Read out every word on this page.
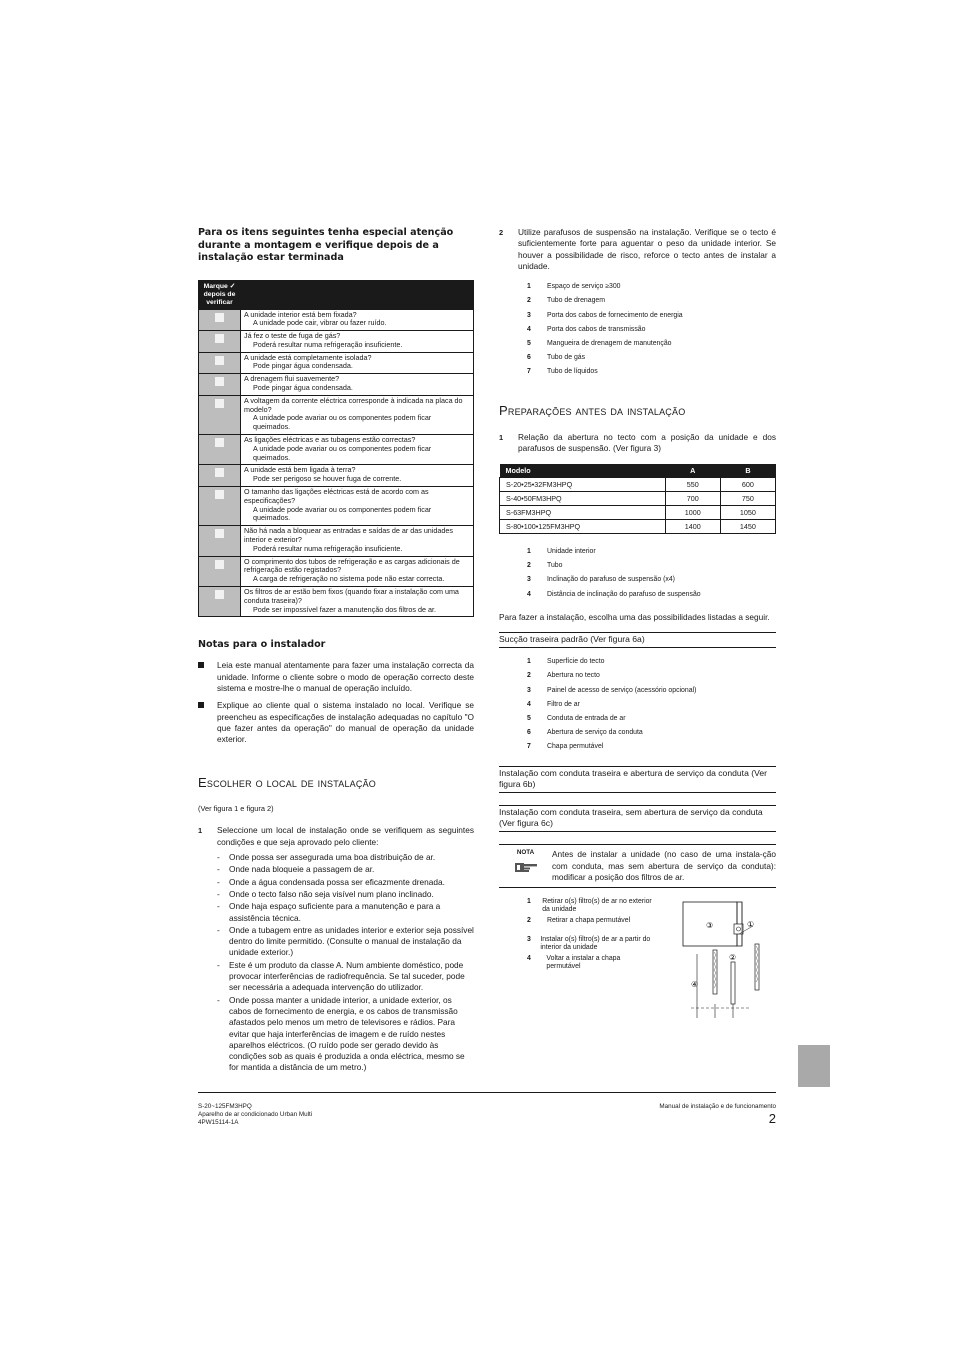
Para os itens seguintes tenha especial atenção durante a montagem e verifique depois de a instalação estar terminada

Marque ✓ depois de verificar	

	A unidade interior está bem fixada?
A unidade pode cair, vibrar ou fazer ruído.

	Já fez o teste de fuga de gás?
Poderá resultar numa refrigeração insuficiente.

	A unidade está completamente isolada?
Pode pingar água condensada.

	A drenagem flui suavemente?
Pode pingar água condensada.

	A voltagem da corrente eléctrica corresponde à indicada na placa do modelo?
A unidade pode avariar ou os componentes podem ficar queimados.

	As ligações eléctricas e as tubagens estão correctas?
A unidade pode avariar ou os componentes podem ficar queimados.

	A unidade está bem ligada à terra?
Pode ser perigoso se houver fuga de corrente.

	O tamanho das ligações eléctricas está de acordo com as especificações?
A unidade pode avariar ou os componentes podem ficar queimados.

	Não há nada a bloquear as entradas e saídas de ar das unidades interior e exterior?
Poderá resultar numa refrigeração insuficiente.

	O comprimento dos tubos de refrigeração e as cargas adicionais de refrigeração estão registados?
A carga de refrigeração no sistema pode não estar correcta.

	Os filtros de ar estão bem fixos (quando fixar a instalação com uma conduta traseira)?
Pode ser impossível fazer a manutenção dos filtros de ar.
Notas para o instalador
Leia este manual atentamente para fazer uma instalação correcta da unidade. Informe o cliente sobre o modo de operação correcto deste sistema e mostre-lhe o manual de operação incluído.
Explique ao cliente qual o sistema instalado no local. Verifique se preencheu as especificações de instalação adequadas no capítulo "O que fazer antes da operação" do manual de operação da unidade exterior.
Escolher o local de instalação

(Ver figura 1 e figura 2)

1 Seleccione um local de instalação onde se verifiquem as seguintes condições e que seja aprovado pelo cliente:
- Onde possa ser assegurada uma boa distribuição de ar.
- Onde nada bloqueie a passagem de ar.
- Onde a água condensada possa ser eficazmente drenada.
- Onde o tecto falso não seja visível num plano inclinado.
- Onde haja espaço suficiente para a manutenção e para a assistência técnica.
- Onde a tubagem entre as unidades interior e exterior seja possível dentro do limite permitido. (Consulte o manual de instalação da unidade exterior.)
- Este é um produto da classe A. Num ambiente doméstico, pode provocar interferências de radiofrequência. Se tal suceder, pode ser necessária a adequada intervenção do utilizador.
- Onde possa manter a unidade interior, a unidade exterior, os cabos de fornecimento de energia, e os cabos de transmissão afastados pelo menos um metro de televisores e rádios. Para evitar que haja interferências de imagem e de ruído nestes aparelhos eléctricos. (O ruído pode ser gerado devido às condições sob as quais é produzida a onda eléctrica, mesmo se for mantida a distância de um metro.)
2 Utilize parafusos de suspensão na instalação. Verifique se o tecto é suficientemente forte para aguentar o peso da unidade interior. Se houver a possibilidade de risco, reforce o tecto antes de instalar a unidade.
1	Espaço de serviço ≥300
2	Tubo de drenagem
3	Porta dos cabos de fornecimento de energia
4	Porta dos cabos de transmissão
5	Mangueira de drenagem de manutenção
6	Tubo de gás
7	Tubo de líquidos
Preparações antes da instalação
1 Relação da abertura no tecto com a posição da unidade e dos parafusos de suspensão. (Ver figura 3)
Modelo	A	B
S-20•25•32FM3HPQ	550	600
S-40•50FM3HPQ	700	750
S-63FM3HPQ	1000	1050
S-80•100•125FM3HPQ	1400	1450
1	Unidade interior
2	Tubo
3	Inclinação do parafuso de suspensão (x4)
4	Distância de inclinação do parafuso de suspensão

Para fazer a instalação, escolha uma das possibilidades listadas a seguir.

Sucção traseira padrão (Ver figura 6a)
1	Superfície do tecto
2	Abertura no tecto
3	Painel de acesso de serviço (acessório opcional)
4	Filtro de ar
5	Conduta de entrada de ar
6	Abertura de serviço da conduta
7	Chapa permutável
Instalação com conduta traseira e abertura de serviço da conduta (Ver figura 6b)
Instalação com conduta traseira, sem abertura de serviço da conduta (Ver figura 6c)
NOTA	Antes de instalar a unidade (no caso de uma instala-ção com conduta, mas sem abertura de serviço da conduta): modificar a posição dos filtros de ar.
1	Retirar o(s) filtro(s) de ar no exterior da unidade
2	Retirar a chapa permutável
3	Instalar o(s) filtro(s) de ar a partir do interior da unidade
4	Voltar a instalar a chapa permutável
③	①
②
④
S-20~125FM3HPQ
Aparelho de ar condicionado Urban Multi
4PW15114-1A
Manual de instalação e de funcionamento
2
